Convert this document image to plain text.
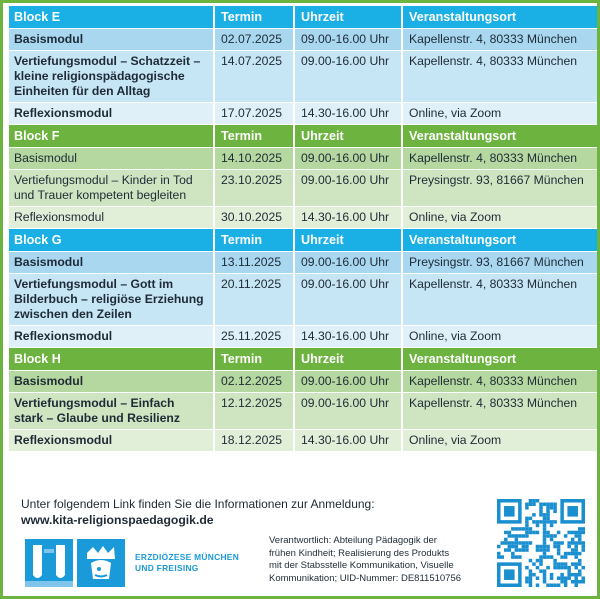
Block E	Termin	Uhrzeit	Veranstaltungsort

Basismodul	02.07.2025	09.00-16.00 Uhr	Kapellenstr. 4, 80333 München

Vertiefungsmodul – Schatzzeit –
kleine religionspädagogische
Einheiten für den Alltag	14.07.2025	09.00-16.00 Uhr	Kapellenstr. 4, 80333 München

Reflexionsmodul	17.07.2025	14.30-16.00 Uhr	Online, via Zoom
Block F	Termin	Uhrzeit	Veranstaltungsort

Basismodul	14.10.2025	09.00-16.00 Uhr	Kapellenstr. 4, 80333 München

Vertiefungsmodul – Kinder in Tod
und Trauer kompetent begleiten	23.10.2025	09.00-16.00 Uhr	Preysingstr. 93, 81667 München

Reflexionsmodul	30.10.2025	14.30-16.00 Uhr	Online, via Zoom
Block G	Termin	Uhrzeit	Veranstaltungsort

Basismodul	13.11.2025	09.00-16.00 Uhr	Preysingstr. 93, 81667 München

Vertiefungsmodul – Gott im
Bilderbuch – religiöse Erziehung
zwischen den Zeilen	20.11.2025	09.00-16.00 Uhr	Kapellenstr. 4, 80333 München

Reflexionsmodul	25.11.2025	14.30-16.00 Uhr	Online, via Zoom
Block H	Termin	Uhrzeit	Veranstaltungsort

Basismodul	02.12.2025	09.00-16.00 Uhr	Kapellenstr. 4, 80333 München

Vertiefungsmodul – Einfach
stark – Glaube und Resilienz	12.12.2025	09.00-16.00 Uhr	Kapellenstr. 4, 80333 München

Reflexionsmodul	18.12.2025	14.30-16.00 Uhr	Online, via Zoom
Unter folgendem Link finden Sie die Informationen zur Anmeldung:
www.kita-religionspaedagogik.de
ERZDIÖZESE MÜNCHEN
UND FREISING
Verantwortlich: Abteilung Pädagogik der
frühen Kindheit; Realisierung des Produkts
mit der Stabsstelle Kommunikation, Visuelle
Kommunikation; UID-Nummer: DE811510756
